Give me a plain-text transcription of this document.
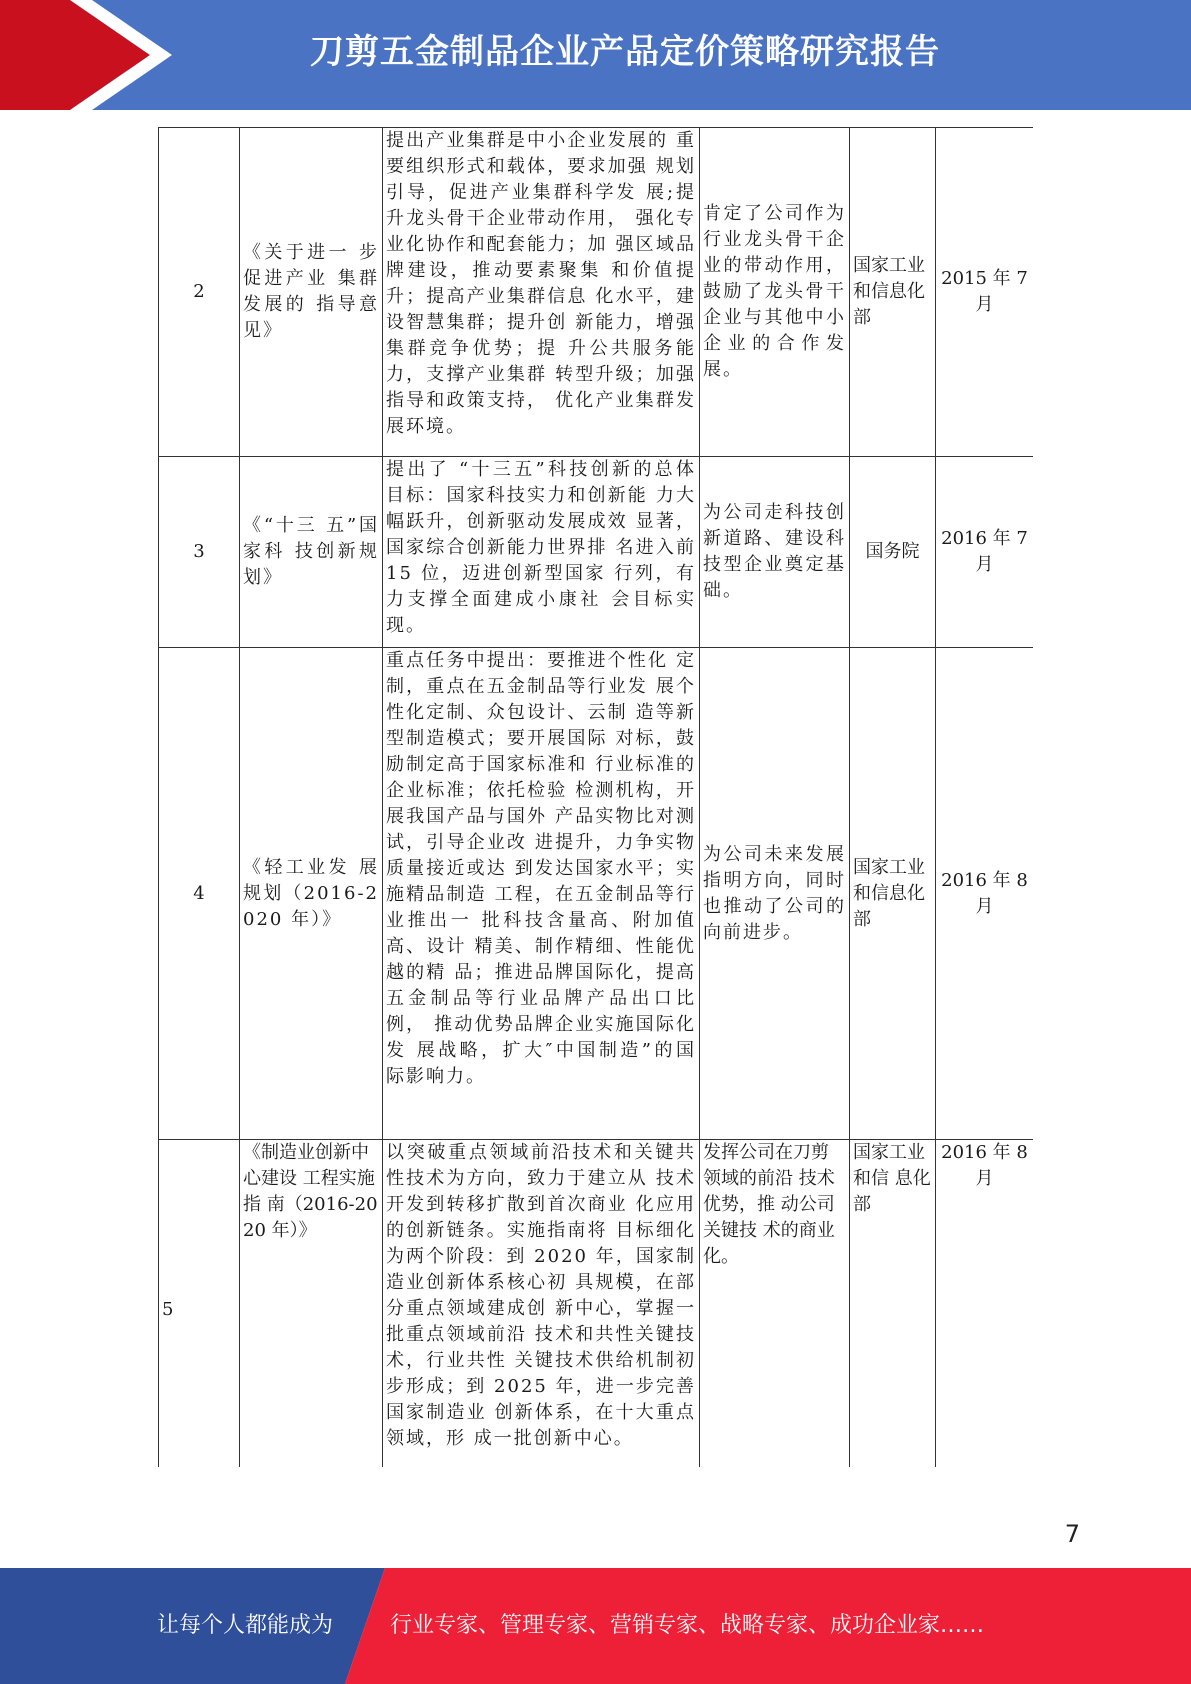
刀剪五金制品企业产品定价策略研究报告
2	《关于进一 步促进产业 集群发展的 指导意见》	提出产业集群是中小企业发展的 重要组织形式和载体，要求加强 规划引导，促进产业集群科学发 展;提升龙头骨干企业带动作用， 强化专业化协作和配套能力；加 强区域品牌建设，推动要素聚集 和价值提升；提高产业集群信息 化水平，建设智慧集群；提升创 新能力，增强集群竞争优势；提 升公共服务能力，支撑产业集群 转型升级；加强指导和政策支持， 优化产业集群发展环境。	肯定了公司作为行业龙头骨干企业的带动作用，鼓励了龙头骨干企业与其他中小企业的合作发 展。	国家工业和信息化部	2015 年 7 月
3	《“十三 五”国家科 技创新规划》	提出了 “十三五”科技创新的总体目标：国家科技实力和创新能 力大幅跃升，创新驱动发展成效 显著，国家综合创新能力世界排 名进入前 15 位，迈进创新型国家 行列，有力支撑全面建成小康社 会目标实现。	为公司走科技创新道路、建设科技型企业奠定基础。	国务院	2016 年 7 月
4	《轻工业发 展规划（2016-2020 年）》	重点任务中提出：要推进个性化 定制，重点在五金制品等行业发 展个性化定制、众包设计、云制 造等新型制造模式；要开展国际 对标，鼓励制定高于国家标准和 行业标准的企业标准；依托检验 检测机构，开展我国产品与国外 产品实物比对测试，引导企业改 进提升，力争实物质量接近或达 到发达国家水平；实施精品制造 工程，在五金制品等行业推出一 批科技含量高、附加值高、设计 精美、制作精细、性能优越的精 品；推进品牌国际化，提高五金制品等行业品牌产品出口比例， 推动优势品牌企业实施国际化发 展战略，扩大″中国制造”的国 际影响力。	为公司未来发展指明方向，同时也推动了公司的向前进步。	国家工业和信息化部	2016 年 8 月
5	《制造业创新中心建设 工程实施指 南（2016-2020 年）》	以突破重点领域前沿技术和关键共性技术为方向，致力于建立从 技术开发到转移扩散到首次商业 化应用的创新链条。实施指南将 目标细化为两个阶段：到 2020 年，国家制造业创新体系核心初 具规模，在部分重点领域建成创 新中心，掌握一批重点领域前沿 技术和共性关键技术，行业共性 关键技术供给机制初步形成；到 2025 年，进一步完善国家制造业 创新体系，在十大重点领域，形 成一批创新中心。	发挥公司在刀剪领域的前沿 技术优势，推 动公司关键技 术的商业化。	国家工业和信 息化部	2016 年 8 月
7
让每个人都能成为	行业专家、管理专家、营销专家、战略专家、成功企业家……
